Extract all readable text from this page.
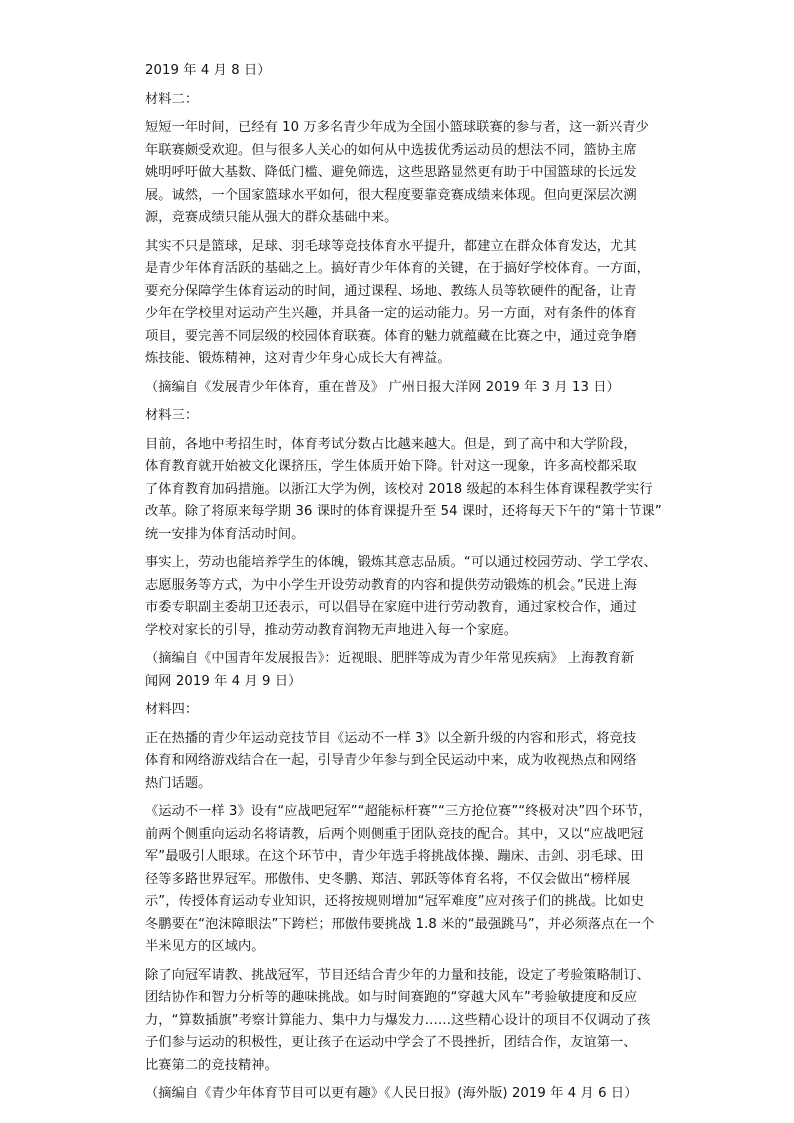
2019 年 4 月 8 日）
材料二：
短短一年时间，已经有 10 万多名青少年成为全国小篮球联赛的参与者，这一新兴青少
年联赛颇受欢迎。但与很多人关心的如何从中选拔优秀运动员的想法不同，篮协主席
姚明呼吁做大基数、降低门槛、避免筛选，这些思路显然更有助于中国篮球的长远发
展。诚然，一个国家篮球水平如何，很大程度要靠竞赛成绩来体现。但向更深层次溯
源，竞赛成绩只能从强大的群众基础中来。
其实不只是篮球，足球、羽毛球等竞技体育水平提升，都建立在群众体育发达，尤其
是青少年体育活跃的基础之上。搞好青少年体育的关键，在于搞好学校体育。一方面，
要充分保障学生体育运动的时间，通过课程、场地、教练人员等软硬件的配备，让青
少年在学校里对运动产生兴趣，并具备一定的运动能力。另一方面，对有条件的体育
项目，要完善不同层级的校园体育联赛。体育的魅力就蕴藏在比赛之中，通过竞争磨
炼技能、锻炼精神，这对青少年身心成长大有裨益。
（摘编自《发展青少年体育，重在普及》 广州日报大洋网 2019 年 3 月 13 日）
材料三：
目前，各地中考招生时，体育考试分数占比越来越大。但是，到了高中和大学阶段，
体育教育就开始被文化课挤压，学生体质开始下降。针对这一现象，许多高校都采取
了体育教育加码措施。以浙江大学为例，该校对 2018 级起的本科生体育课程教学实行
改革。除了将原来每学期 36 课时的体育课提升至 54 课时，还将每天下午的“第十节课”
统一安排为体育活动时间。
事实上，劳动也能培养学生的体魄，锻炼其意志品质。“可以通过校园劳动、学工学农、
志愿服务等方式，为中小学生开设劳动教育的内容和提供劳动锻炼的机会。”民进上海
市委专职副主委胡卫还表示，可以倡导在家庭中进行劳动教育，通过家校合作，通过
学校对家长的引导，推动劳动教育润物无声地进入每一个家庭。
（摘编自《中国青年发展报告》：近视眼、肥胖等成为青少年常见疾病》 上海教育新
闻网 2019 年 4 月 9 日）
材料四：
正在热播的青少年运动竞技节目《运动不一样 3》以全新升级的内容和形式，将竞技
体育和网络游戏结合在一起，引导青少年参与到全民运动中来，成为收视热点和网络
热门话题。
《运动不一样 3》设有“应战吧冠军”“超能标杆赛”“三方抢位赛”“终极对决”四个环节，
前两个侧重向运动名将请教，后两个则侧重于团队竞技的配合。其中，又以“应战吧冠
军”最吸引人眼球。在这个环节中，青少年选手将挑战体操、蹦床、击剑、羽毛球、田
径等多路世界冠军。邢傲伟、史冬鹏、郑洁、郭跃等体育名将，不仅会做出“榜样展
示”，传授体育运动专业知识，还将按规则增加“冠军难度”应对孩子们的挑战。比如史
冬鹏要在“泡沫障眼法”下跨栏；邢傲伟要挑战 1.8 米的“最强跳马”，并必须落点在一个
半米见方的区域内。
除了向冠军请教、挑战冠军，节目还结合青少年的力量和技能，设定了考验策略制订、
团结协作和智力分析等的趣味挑战。如与时间赛跑的“穿越大风车”考验敏捷度和反应
力，“算数插旗”考察计算能力、集中力与爆发力……这些精心设计的项目不仅调动了孩
子们参与运动的积极性，更让孩子在运动中学会了不畏挫折，团结合作，友谊第一、
比赛第二的竞技精神。
（摘编自《青少年体育节目可以更有趣》《人民日报》(海外版) 2019 年 4 月 6 日）
